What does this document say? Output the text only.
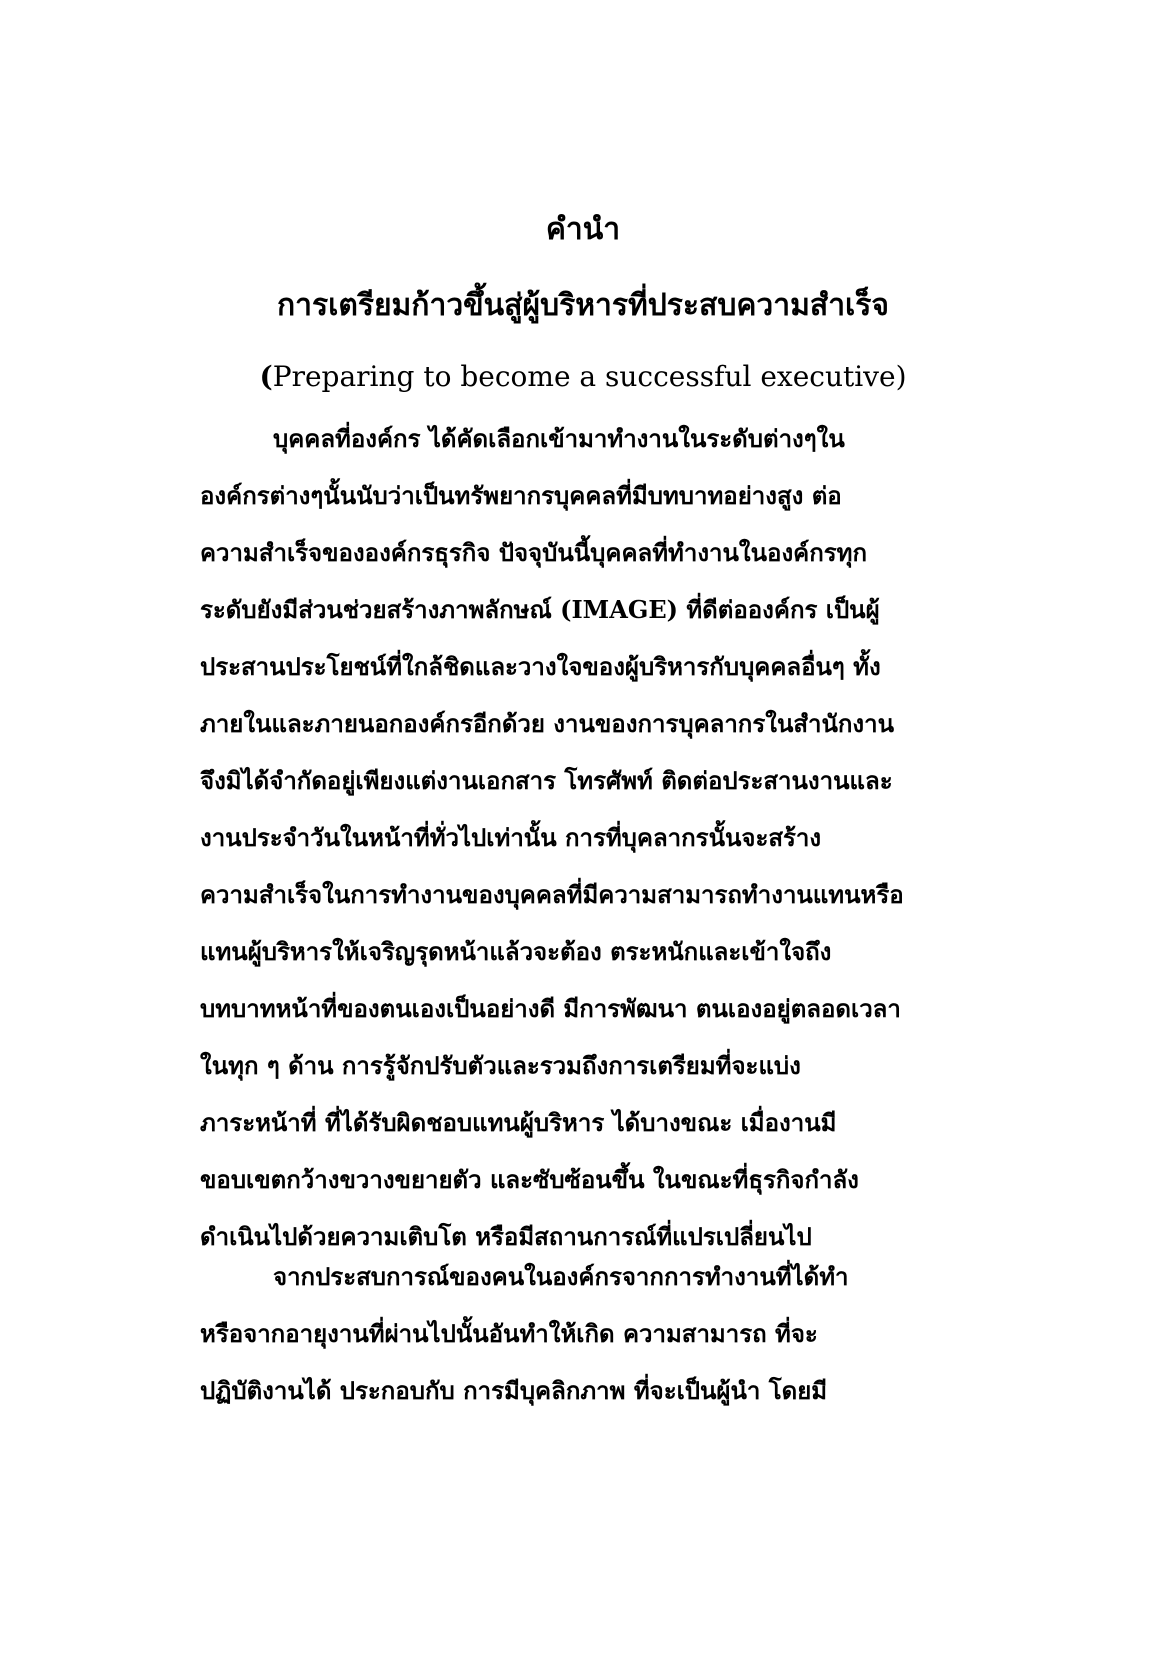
คำนำ
การเตรียมก้าวขึ้นสู่ผู้บริหารที่ประสบความสำเร็จ
(Preparing to become a successful executive)
บุคคลที่องค์กร ได้คัดเลือกเข้ามาทำงานในระดับต่างๆใน
องค์กรต่างๆนั้นนับว่าเป็นทรัพยากรบุคคลที่มีบทบาทอย่างสูง ต่อ
ความสำเร็จขององค์กรธุรกิจ ปัจจุบันนี้บุคคลที่ทำงานในองค์กรทุก
ระดับยังมีส่วนช่วยสร้างภาพลักษณ์ (IMAGE) ที่ดีต่อองค์กร เป็นผู้
ประสานประโยชน์ที่ใกล้ชิดและวางใจของผู้บริหารกับบุคคลอื่นๆ ทั้ง
ภายในและภายนอกองค์กรอีกด้วย งานของการบุคลากรในสำนักงาน
จึงมิได้จำกัดอยู่เพียงแต่งานเอกสาร โทรศัพท์ ติดต่อประสานงานและ
งานประจำวันในหน้าที่ทั่วไปเท่านั้น การที่บุคลากรนั้นจะสร้าง
ความสำเร็จในการทำงานของบุคคลที่มีความสามารถทำงานแทนหรือ
แทนผู้บริหารให้เจริญรุดหน้าแล้วจะต้อง ตระหนักและเข้าใจถึง
บทบาทหน้าที่ของตนเองเป็นอย่างดี มีการพัฒนา ตนเองอยู่ตลอดเวลา
ในทุก ๆ ด้าน การรู้จักปรับตัวและรวมถึงการเตรียมที่จะแบ่ง
ภาระหน้าที่ ที่ได้รับผิดชอบแทนผู้บริหาร ได้บางขณะ เมื่องานมี
ขอบเขตกว้างขวางขยายตัว และซับซ้อนขึ้น ในขณะที่ธุรกิจกำลัง
ดำเนินไปด้วยความเติบโต หรือมีสถานการณ์ที่แปรเปลี่ยนไป
จากประสบการณ์ของคนในองค์กรจากการทำงานที่ได้ทำ
หรือจากอายุงานที่ผ่านไปนั้นอันทำให้เกิด ความสามารถ ที่จะ
ปฏิบัติงานได้ ประกอบกับ การมีบุคลิกภาพ ที่จะเป็นผู้นำ โดยมี
